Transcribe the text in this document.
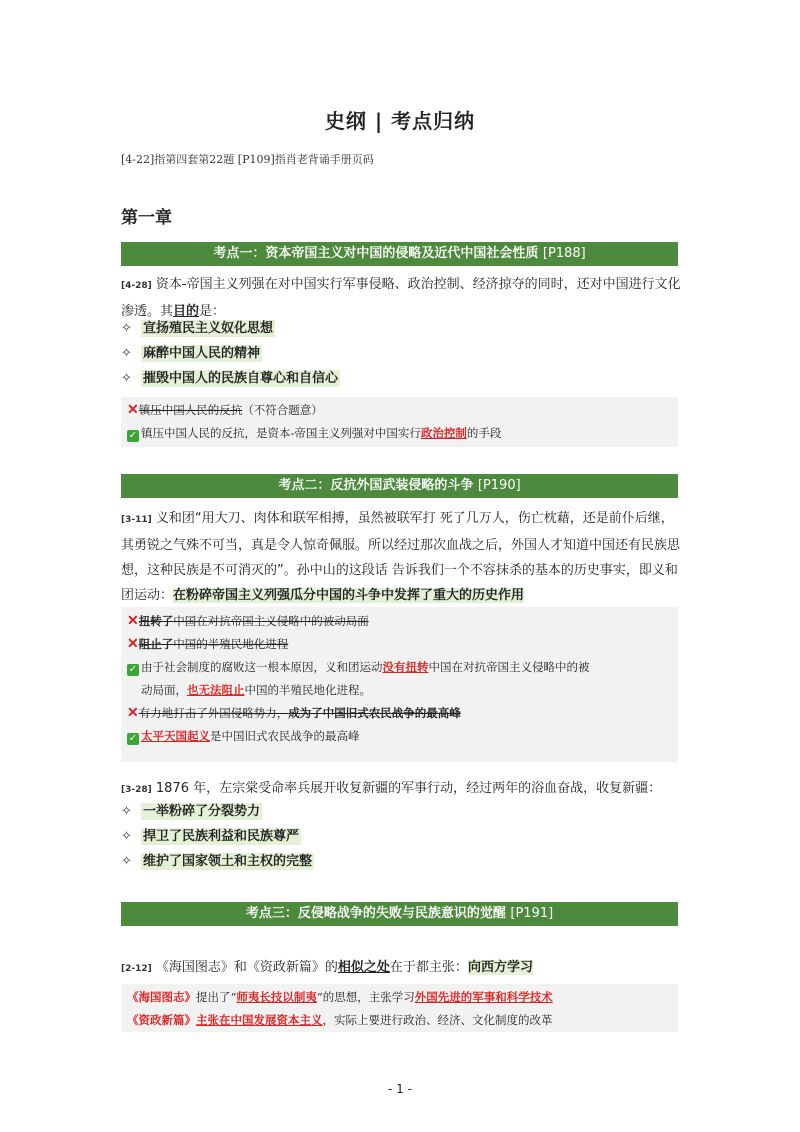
史纲 | 考点归纳
[4-22]指第四套第22题 [P109]指肖老背诵手册页码
第一章
考点一：资本帝国主义对中国的侵略及近代中国社会性质 [P188]
[4-28] 资本-帝国主义列强在对中国实行军事侵略、政治控制、经济掠夺的同时，还对中国进行文化渗透。其目的是：
✧ 宣扬殖民主义奴化思想
✧ 麻醉中国人民的精神
✧ 摧毁中国人的民族自尊心和自信心
✕镇压中国人民的反抗（不符合题意）
✓ 镇压中国人民的反抗，是资本-帝国主义列强对中国实行政治控制的手段
考点二：反抗外国武装侵略的斗争 [P190]
[3-11] 义和团“用大刀、肉体和联军相搏，虽然被联军打 死了几万人，伤亡枕藉，还是前仆后继，其勇锐之气殊不可当，真是令人惊奇佩服。所以经过那次血战之后，外国人才知道中国还有民族思想，这种民族是不可消灭的”。孙中山的这段话 告诉我们一个不容抹杀的基本的历史事实，即义和团运动：在粉碎帝国主义列强瓜分中国的斗争中发挥了重大的历史作用
✕扭转了中国在对抗帝国主义侵略中的被动局面
✕阻止了中国的半殖民地化进程
✓ 由于社会制度的腐败这一根本原因，义和团运动没有扭转中国在对抗帝国主义侵略中的被
动局面，也无法阻止中国的半殖民地化进程。
✕有力地打击了外国侵略势力，成为了中国旧式农民战争的最高峰
✓ 太平天国起义是中国旧式农民战争的最高峰
[3-28] 1876 年，左宗棠受命率兵展开收复新疆的军事行动，经过两年的浴血奋战，收复新疆：
✧ 一举粉碎了分裂势力
✧ 捍卫了民族利益和民族尊严
✧ 维护了国家领土和主权的完整
考点三：反侵略战争的失败与民族意识的觉醒 [P191]
[2-12] 《海国图志》和《资政新篇》的相似之处在于都主张：向西方学习
《海国图志》提出了“师夷长技以制夷”的思想，主张学习外国先进的军事和科学技术
《资政新篇》主张在中国发展资本主义，实际上要进行政治、经济、文化制度的改革
- 1 -
